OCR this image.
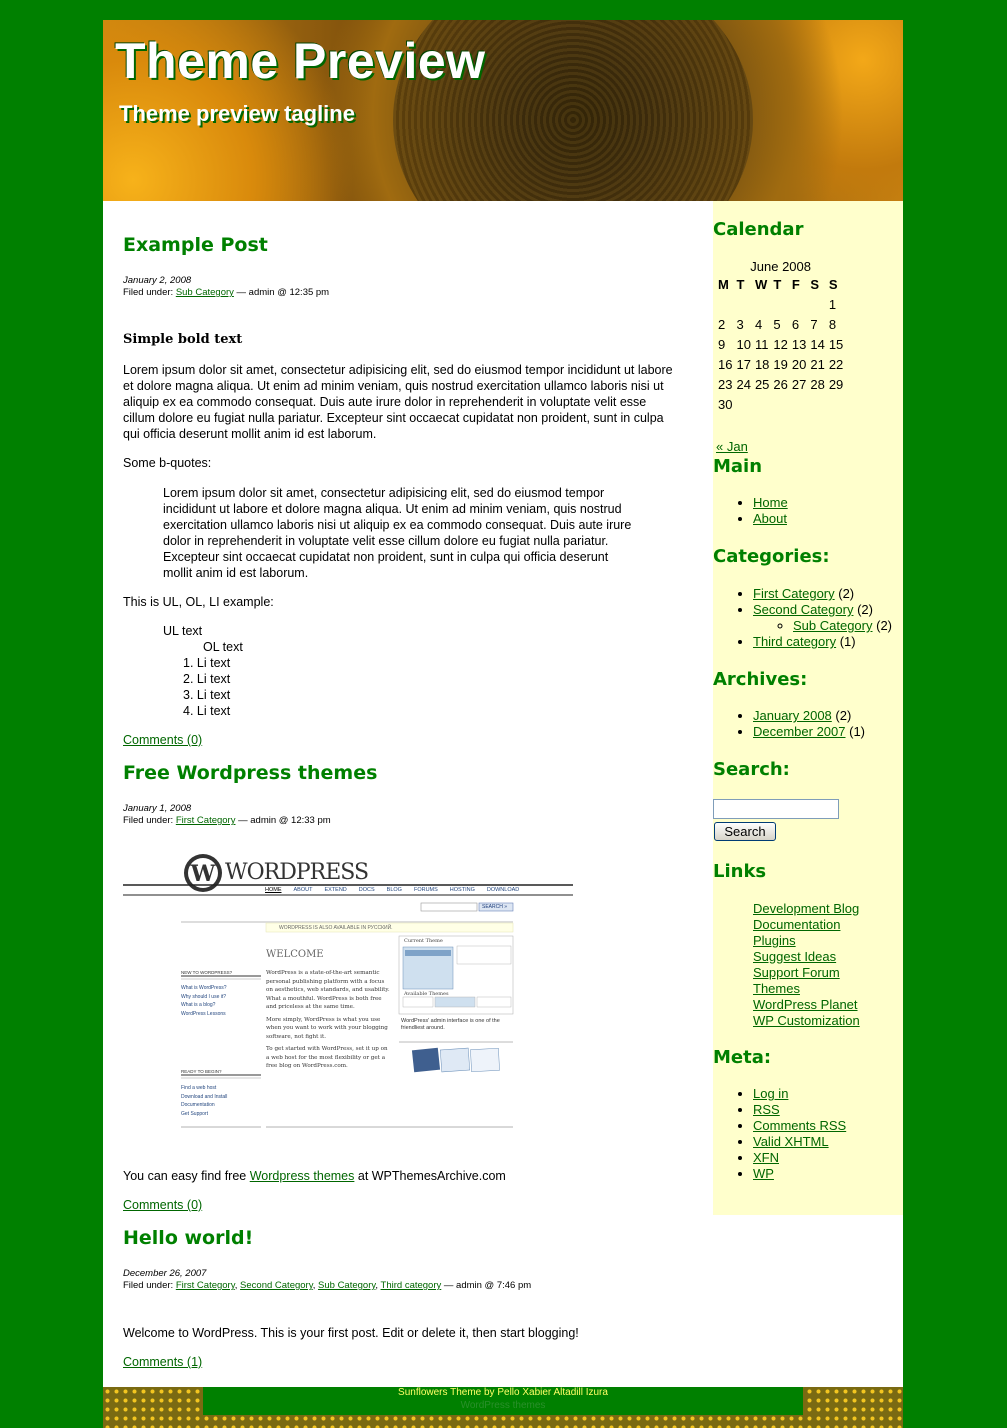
Theme Preview
Theme preview tagline
Example Post
January 2, 2008
Filed under: Sub Category — admin @ 12:35 pm

Simple bold text

Lorem ipsum dolor sit amet, consectetur adipisicing elit, sed do eiusmod tempor incididunt ut labore et dolore magna aliqua. Ut enim ad minim veniam, quis nostrud exercitation ullamco laboris nisi ut aliquip ex ea commodo consequat. Duis aute irure dolor in reprehenderit in voluptate velit esse cillum dolore eu fugiat nulla pariatur. Excepteur sint occaecat cupidatat non proident, sunt in culpa qui officia deserunt mollit anim id est laborum.

Some b-quotes:

Lorem ipsum dolor sit amet, consectetur adipisicing elit, sed do eiusmod tempor incididunt ut labore et dolore magna aliqua. Ut enim ad minim veniam, quis nostrud exercitation ullamco laboris nisi ut aliquip ex ea commodo consequat. Duis aute irure dolor in reprehenderit in voluptate velit esse cillum dolore eu fugiat nulla pariatur. Excepteur sint occaecat cupidatat non proident, sunt in culpa qui officia deserunt mollit anim id est laborum.

This is UL, OL, LI example:

UL text
OL text
1. Li text
2. Li text
3. Li text
4. Li text
Comments (0)
Free Wordpress themes
January 1, 2008
Filed under: First Category — admin @ 12:33 pm
W WORDPRESS
HOME ABOUT EXTEND DOCS BLOG FORUMS HOSTING DOWNLOAD
SEARCH »
WORDPRESS IS ALSO AVAILABLE IN РУССКИЙ.
WELCOME
Current Theme
Available Themes
WordPress' admin interface is one of the friendliest around.
NEW TO WORDPRESS?
What is WordPress?
Why should I use it?
What is a blog?
WordPress Lessons
READY TO BEGIN?
Find a web host
Download and Install
Documentation
Get Support
WordPress is a state-of-the-art semantic personal publishing platform with a focus on aesthetics, web standards, and usability. What a mouthful. WordPress is both free and priceless at the same time.
More simply, WordPress is what you use when you want to work with your blogging software, not fight it.
To get started with WordPress, set it up on a web host for the most flexibility or get a free blog on WordPress.com.

You can easy find free Wordpress themes at WPThemesArchive.com

Comments (0)
Hello world!
December 26, 2007
Filed under: First Category, Second Category, Sub Category, Third category — admin @ 7:46 pm

Welcome to WordPress. This is your first post. Edit or delete it, then start blogging!

Comments (1)
Calendar
June 2008
M	T	W	T	F	S	S
						1
2	3	4	5	6	7	8
9	10	11	12	13	14	15
16	17	18	19	20	21	22
23	24	25	26	27	28	29
30						
« Jan
Main
• Home
• About
Categories:
• First Category (2)
• Second Category (2)
◦ Sub Category (2)
• Third category (1)
Archives:
• January 2008 (2)
• December 2007 (1)
Search:
Search
Links
Development Blog
Documentation
Plugins
Suggest Ideas
Support Forum
Themes
WordPress Planet
WP Customization
Meta:
• Log in
• RSS
• Comments RSS
• Valid XHTML
• XFN
• WP
Sunflowers Theme by Pello Xabier Altadill Izura
WordPress themes
